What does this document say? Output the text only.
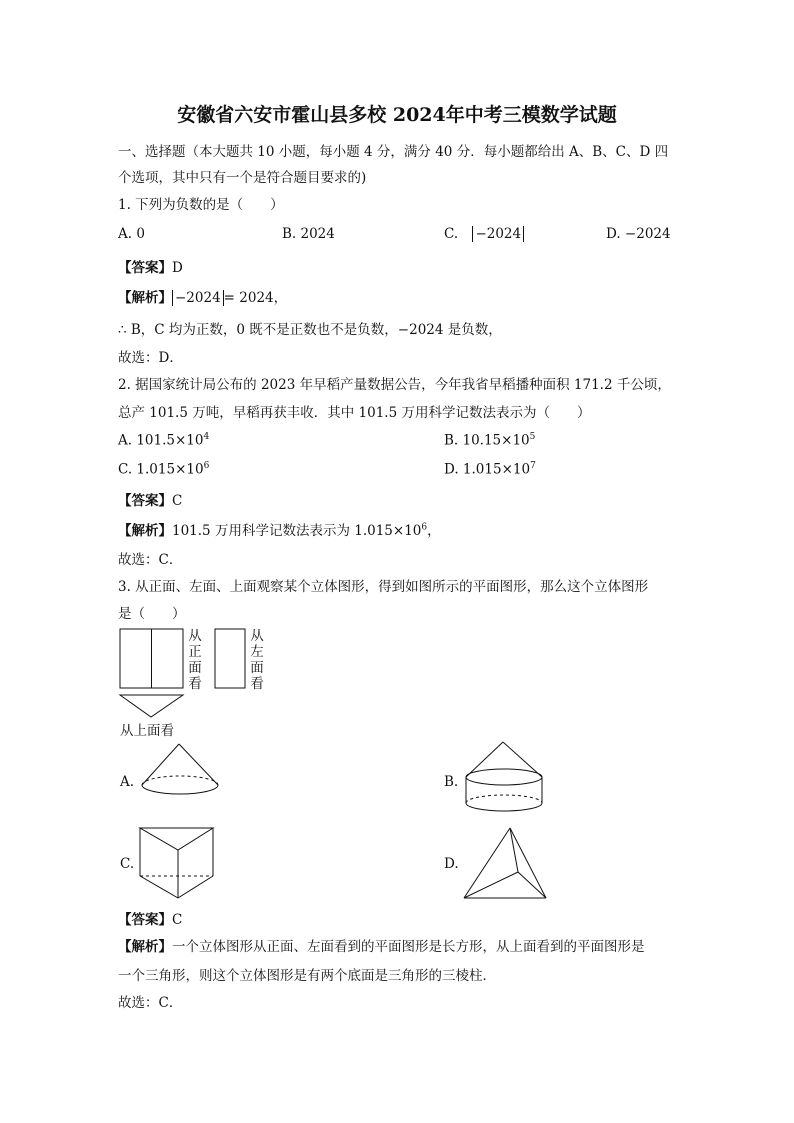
安徽省六安市霍山县多校 2024年中考三模数学试题
一、选择题（本大题共 10 小题，每小题 4 分，满分 40 分．每小题都给出 A、B、C、D 四
个选项，其中只有一个是符合题目要求的)
1. 下列为负数的是（　　）
A. 0	B. 2024	C. −2024	D. −2024
【答案】D
【解析】 −2024 = 2024，
∴ B，C 均为正数，0 既不是正数也不是负数，−2024 是负数，
故选：D．
2. 据国家统计局公布的 2023 年早稻产量数据公告，今年我省早稻播种面积 171.2 千公顷，
总产 101.5 万吨，早稻再获丰收．其中 101.5 万用科学记数法表示为（　　）
A. $101.5\times 10^4$	B. $10.15\times 10^5$
C. $1.015\times 10^6$	D. $1.015\times 10^7$
【答案】C
【解析】101.5 万用科学记数法表示为 $1.015\times 10^6$，
故选：C．
3. 从正面、左面、上面观察某个立体图形，得到如图所示的平面图形，那么这个立体图形
是（　　）
从正面看
从左面看
从上面看
A.	B.
C.	D.
【答案】C
【解析】一个立体图形从正面、左面看到的平面图形是长方形，从上面看到的平面图形是
一个三角形，则这个立体图形是有两个底面是三角形的三棱柱．
故选：C．
